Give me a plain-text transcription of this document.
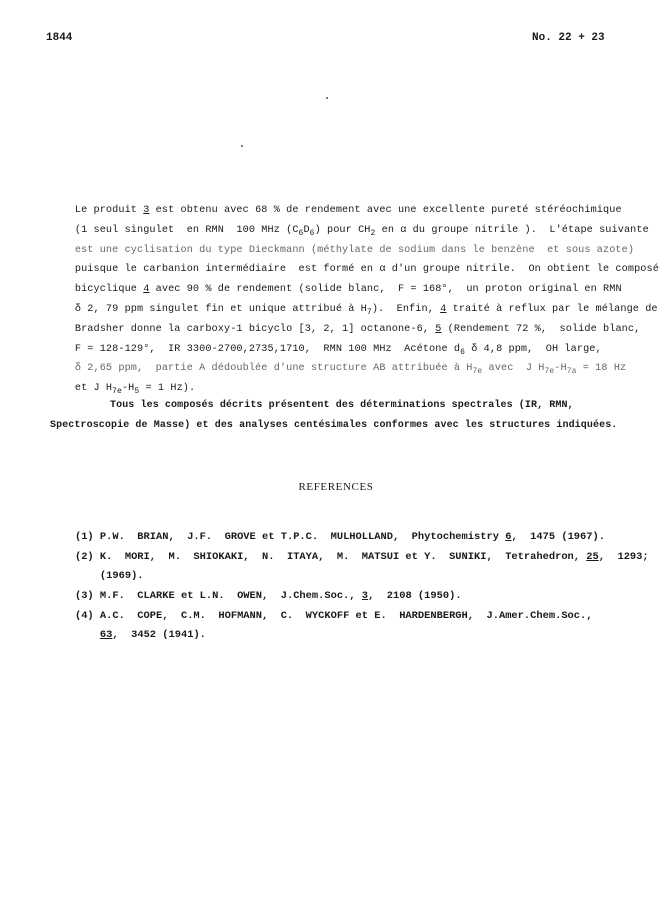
1844	No. 22 + 23

Le produit 3 est obtenu avec 68 % de rendement avec une excellente pureté stéréochimique

(1 seul singulet  en RMN  100 MHz $(C_6D_6)$ pour $CH_2$ en α du groupe nitrile ).  L'étape suivante

est une cyclisation du type Dieckmann (méthylate de sodium dans le benzène  et sous azote)

puisque le carbanion intermédiaire  est formé en α d'un groupe nitrile.  On obtient le composé

bicyclique 4 avec 90 % de rendement (solide blanc,  F = 168°,  un proton original en RMN

δ 2, 79 ppm singulet fin et unique attribué à $H_7$).  Enfin, 4 traité à reflux par le mélange de

Bradsher donne la carboxy-1 bicyclo [3, 2, 1] octanone-6, 5 (Rendement 72 %,  solide blanc,

F = 128-129°,  IR 3300-2700,2735,1710,  RMN 100 MHz  Acétone $d_6$ δ 4,8 ppm,  OH large,

δ 2,65 ppm,  partie A dédoublée d'une structure AB attribuée à $H_{7e}$ avec  J $H_{7e}-H_{7a} = 18$ Hz

et J $H_{7e}-H_5 = 1$ Hz).

Tous les composés décrits présentent des déterminations spectrales (IR, RMN,
Spectroscopie de Masse) et des analyses centésimales conformes avec les structures indiquées.
REFERENCES

(1) P.W.  BRIAN,  J.F.  GROVE et T.P.C.  MULHOLLAND,  Phytochemistry 6,  1475 (1967).

(2) K.  MORI,  M.  SHIOKAKI,  N.  ITAYA,  M.  MATSUI et Y.  SUNIKI,  Tetrahedron, 25,  1293;

(1969).

(3) M.F.  CLARKE et L.N.  OWEN,  J.Chem.Soc., 3,  2108 (1950).

(4) A.C.  COPE,  C.M.  HOFMANN,  C.  WYCKOFF et E.  HARDENBERGH,  J.Amer.Chem.Soc.,

63,  3452 (1941).
